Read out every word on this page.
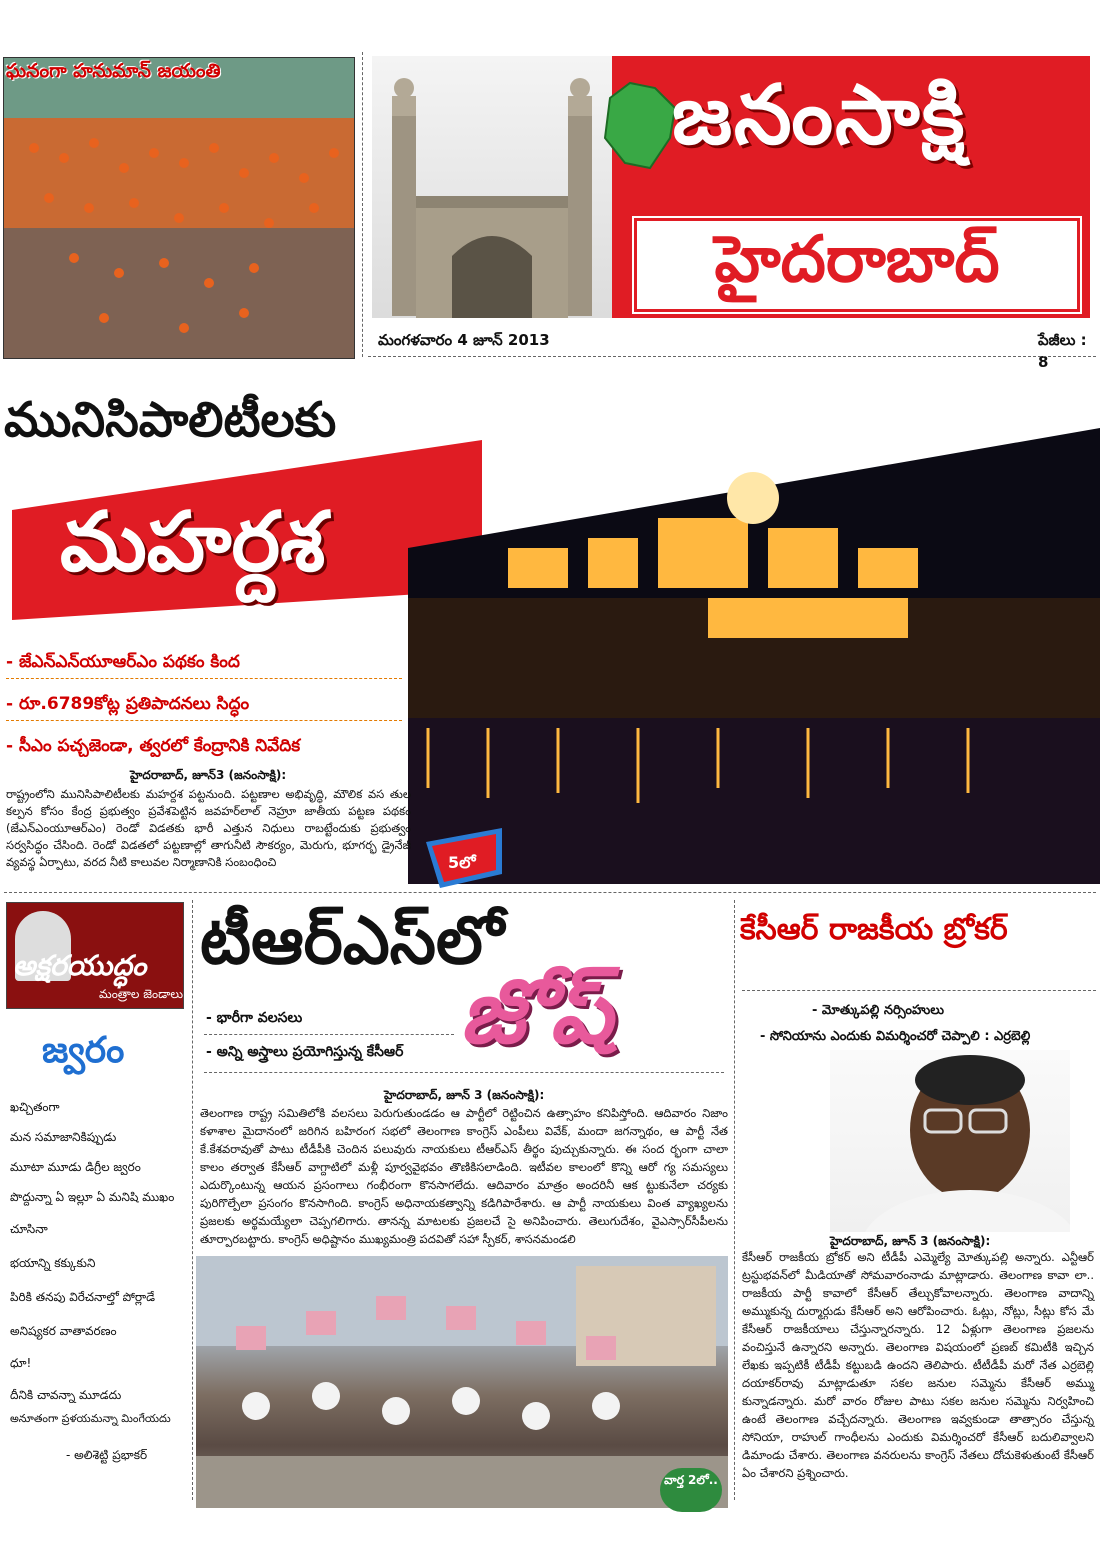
ఘనంగా హనుమాన్ జయంతి	జనంసాక్షి
హైదరాబాద్
మంగళవారం 4 జూన్ 2013	పేజీలు : 8
మునిసిపాలిటీలకు
మహర్దశ
- జేఎన్ఎన్‌యూఆర్ఎం పథకం కింద
- రూ.6789కోట్ల ప్రతిపాదనలు సిద్ధం
- సీఎం పచ్చజెండా, త్వరలో కేంద్రానికి నివేదిక
హైదరాబాద్, జూన్3 (జనంసాక్షి):
రాష్ట్రంలోని మునిసిపాలిటీలకు మహర్దశ పట్టనుంది. పట్టణాల అభివృద్ధి, మౌలిక వస తుల కల్పన కోసం కేంద్ర ప్రభుత్వం ప్రవేశపెట్టిన జవహర్‌లాల్ నెహ్రూ జాతీయ పట్టణ పథకం (జేఎన్ఎంయూఆర్ఎం) రెండో విడతకు భారీ ఎత్తున నిధులు రాబట్టేందుకు ప్రభుత్వం సర్వసిద్ధం చేసింది. రెండో విడతలో పట్టణాల్లో తాగునీటి సౌకర్యం, మెరుగు, భూగర్భ డ్రైనేజీ వ్యవస్థ ఏర్పాటు, వరద నీటి కాలువల నిర్మాణానికి సంబంధించి	5లో
అక్షరయుద్ధం
మంత్రాల జెండాలు
జ్వరం
ఖచ్చితంగా
మన సమాజానికిప్పుడు
మూటా మూడు డిగ్రీల జ్వరం
పొద్దున్నా ఏ ఇల్లూ ఏ మనిషి ముఖం
చూసినా
భయాన్ని కక్కుకుని
పిరికి తనపు విరేచనాల్తో పోర్లాడే
అనిష్యకర వాతావరణం
ధూ!
దీనికి చావన్నా మూడదు
అనూతంగా ప్రళయమన్నా మింగేయదు
- అలిశెట్టి ప్రభాకర్
టీఆర్ఎస్‌లో
జోష్
- భారీగా వలసలు
- అన్ని అస్త్రాలు ప్రయోగిస్తున్న కేసీఆర్
హైదరాబాద్, జూన్ 3 (జనంసాక్షి):
తెలంగాణ రాష్ట్ర సమితిలోకి వలసలు పెరుగుతుండడం ఆ పార్టీలో రెట్టించిన ఉత్సాహం కనిపిస్తోంది. ఆదివారం నిజాం కళాశాల మైదానంలో జరిగిన బహిరంగ సభలో తెలంగాణ కాంగ్రెస్ ఎంపీలు వివేక్, మందా జగన్నాథం, ఆ పార్టీ నేత కే.కేశవరావుతో పాటు టీడీపీకి చెందిన పలువురు నాయకులు టీఆర్ఎస్ తీర్థం పుచ్చుకున్నారు. ఈ సంద ర్భంగా చాలా కాలం తర్వాత కేసీఆర్ వాగ్దాటిలో మళ్లీ పూర్వవైభవం తొణికిసలాడింది. ఇటీవల కాలంలో కొన్ని ఆరో గ్య సమస్యలు ఎదుర్కొంటున్న ఆయన ప్రసంగాలు గంభీరంగా కొనసాగలేదు. ఆదివారం మాత్రం అందరినీ ఆక ట్టుకునేలా చర్యకు పురిగొల్పేలా ప్రసంగం కొనసాగింది. కాంగ్రెస్ అధినాయకత్వాన్ని కడిగిపారేశారు. ఆ పార్టీ నాయకులు వింత వ్యాఖ్యలను ప్రజలకు అర్థమయ్యేలా చెప్పగలిగారు. తానన్న మాటలకు ప్రజలచే సై అనిపించారు. తెలుగుదేశం, వైఎస్సార్‌సీపీలను తూర్పారబట్టారు. కాంగ్రెస్ అధిష్టానం ముఖ్యమంత్రి పదవితో సహా స్పీకర్, శాసనమండలి
వార్త 2లో..
కేసీఆర్ రాజకీయ బ్రోకర్
- మోత్కుపల్లి నర్సింహులు
- సోనియాను ఎందుకు విమర్శించరో చెప్పాలి : ఎర్రబెల్లి
హైదరాబాద్, జూన్ 3 (జనంసాక్షి):
కేసీఆర్ రాజకీయ బ్రోకర్ అని టీడీపీ ఎమ్మెల్యే మోత్కుపల్లి అన్నారు. ఎన్టీఆర్ ట్రస్టుభవన్‌లో మీడియాతో సోమవారంనాడు మాట్లాడారు. తెలంగాణ కావా లా.. రాజకీయ పార్టీ కావాలో కేసీఆర్ తేల్చుకోవాలన్నారు. తెలంగాణ వాదాన్ని అమ్ముకున్న దుర్మార్గుడు కేసీఆర్ అని ఆరోపించారు. ఓట్లు, నోట్లు, సీట్లు కోస మే కేసీఆర్ రాజకీయాలు చేస్తున్నారన్నారు. 12 ఏళ్లుగా తెలంగాణ ప్రజలను వంచిస్తునే ఉన్నారని అన్నారు. తెలంగాణ విషయంలో ప్రణబ్ కమిటీకి ఇచ్చిన లేఖకు ఇప్పటికీ టీడీపీ కట్టుబడి ఉందని తెలిపారు. టీటీడీపీ మరో నేత ఎర్రబెల్లి దయాకర్‌రావు మాట్లాడుతూ సకల జనుల సమ్మెను కేసీఆర్ అమ్ము కున్నాడన్నారు. మరో వారం రోజుల పాటు సకల జనుల సమ్మెను నిర్వహించి ఉంటే తెలంగాణ వచ్చేదన్నారు. తెలంగాణ ఇవ్వకుండా తాత్సారం చేస్తున్న సోనియా, రాహుల్ గాంధీలను ఎందుకు విమర్శించరో కేసీఆర్ బదులివ్వాలని డిమాండు చేశారు. తెలంగాణ వనరులను కాంగ్రెస్ నేతలు దోచుకెళుతుంటే కేసీఆర్ ఏం చేశారని ప్రశ్నించారు.
